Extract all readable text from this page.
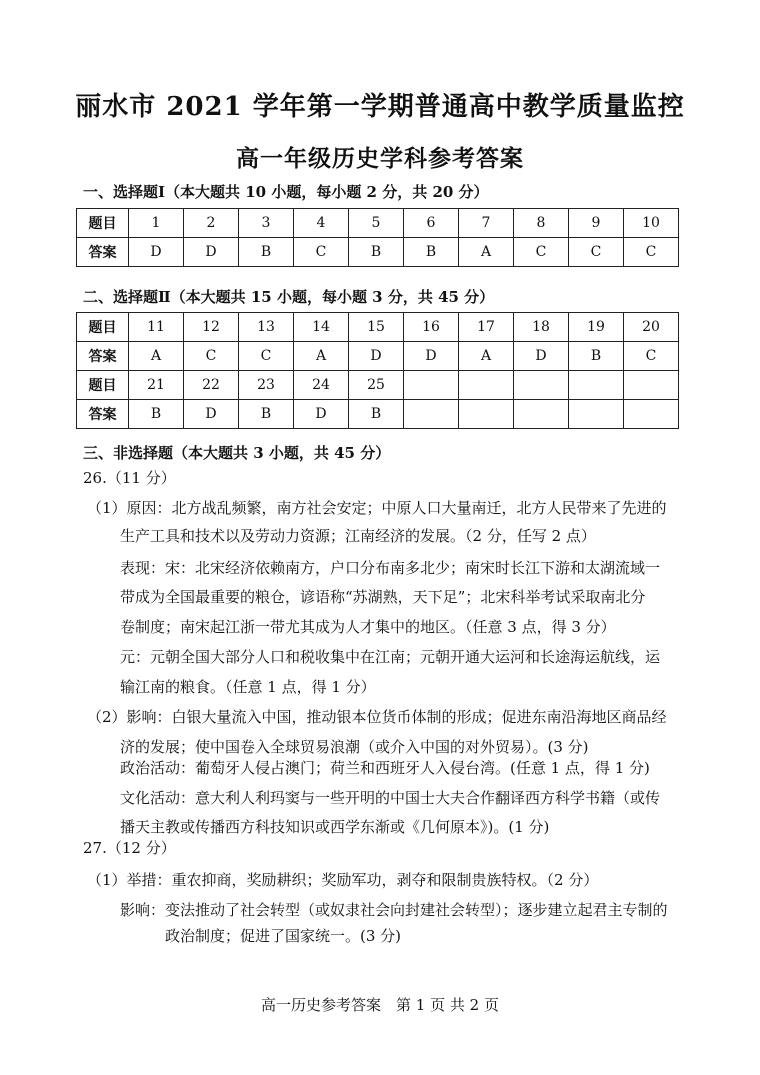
丽水市 2021 学年第一学期普通高中教学质量监控
高一年级历史学科参考答案
一、选择题Ⅰ（本大题共 10 小题，每小题 2 分，共 20 分）
题目	1	2	3	4	5	6	7	8	9	10
答案	D	D	B	C	B	B	A	C	C	C
二、选择题Ⅱ（本大题共 15 小题，每小题 3 分，共 45 分）
题目	11	12	13	14	15	16	17	18	19	20
答案	A	C	C	A	D	D	A	D	B	C
题目	21	22	23	24	25					
答案	B	D	B	D	B					
三、非选择题（本大题共 3 小题，共 45 分）
26.（11 分）
（1）原因：北方战乱频繁，南方社会安定；中原人口大量南迁，北方人民带来了先进的
生产工具和技术以及劳动力资源；江南经济的发展。（2 分，任写 2 点）
表现：宋：北宋经济依赖南方，户口分布南多北少；南宋时长江下游和太湖流域一
带成为全国最重要的粮仓，谚语称“苏湖熟，天下足”；北宋科举考试采取南北分
卷制度；南宋起江浙一带尤其成为人才集中的地区。（任意 3 点，得 3 分）
元：元朝全国大部分人口和税收集中在江南；元朝开通大运河和长途海运航线，运
输江南的粮食。（任意 1 点，得 1 分）
（2）影响：白银大量流入中国，推动银本位货币体制的形成；促进东南沿海地区商品经
济的发展；使中国卷入全球贸易浪潮（或介入中国的对外贸易）。(3 分)
政治活动：葡萄牙人侵占澳门；荷兰和西班牙人入侵台湾。(任意 1 点，得 1 分)
文化活动：意大利人利玛窦与一些开明的中国士大夫合作翻译西方科学书籍（或传
播天主教或传播西方科技知识或西学东渐或《几何原本》)。(1 分)
27.（12 分）
（1）举措：重农抑商，奖励耕织；奖励军功，剥夺和限制贵族特权。（2 分）
影响：变法推动了社会转型（或奴隶社会向封建社会转型）；逐步建立起君主专制的
政治制度；促进了国家统一。(3 分)
高一历史参考答案　第 1 页 共 2 页
